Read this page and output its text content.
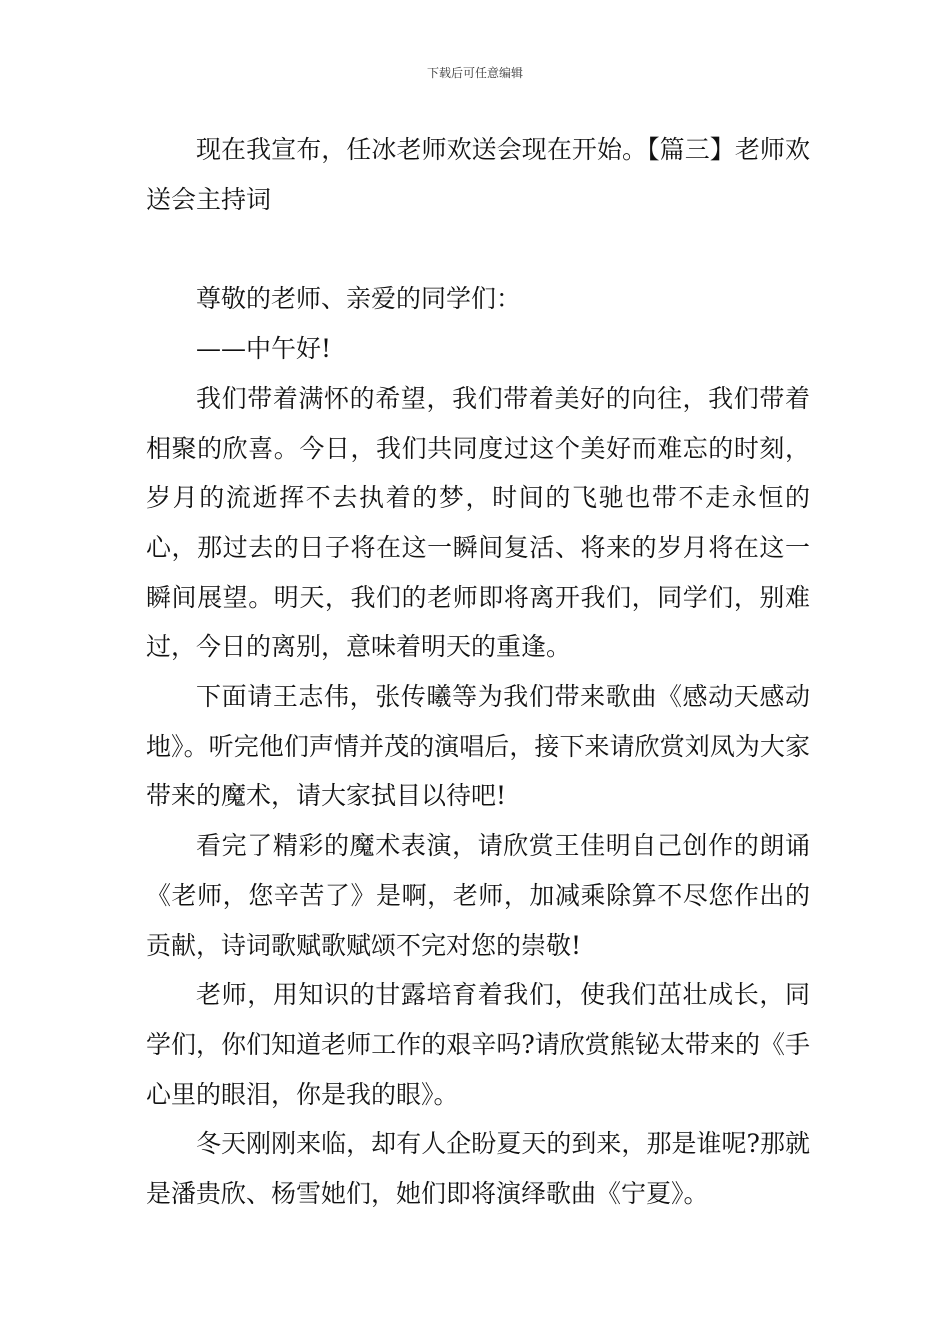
下载后可任意编辑

现在我宣布，任冰老师欢送会现在开始。【篇三】老师欢送会主持词

尊敬的老师、亲爱的同学们：

——中午好!

我们带着满怀的希望，我们带着美好的向往，我们带着相聚的欣喜。今日，我们共同度过这个美好而难忘的时刻，岁月的流逝挥不去执着的梦，时间的飞驰也带不走永恒的心，那过去的日子将在这一瞬间复活、将来的岁月将在这一瞬间展望。明天，我们的老师即将离开我们，同学们，别难过，今日的离别，意味着明天的重逢。

下面请王志伟，张传曦等为我们带来歌曲《感动天感动地》。听完他们声情并茂的演唱后，接下来请欣赏刘凤为大家带来的魔术，请大家拭目以待吧!

看完了精彩的魔术表演，请欣赏王佳明自己创作的朗诵《老师，您辛苦了》是啊，老师，加减乘除算不尽您作出的贡献，诗词歌赋歌赋颂不完对您的崇敬!

老师，用知识的甘露培育着我们，使我们茁壮成长，同学们，你们知道老师工作的艰辛吗?请欣赏熊铋太带来的《手心里的眼泪，你是我的眼》。

冬天刚刚来临，却有人企盼夏天的到来，那是谁呢?那就是潘贵欣、杨雪她们，她们即将演绎歌曲《宁夏》。
